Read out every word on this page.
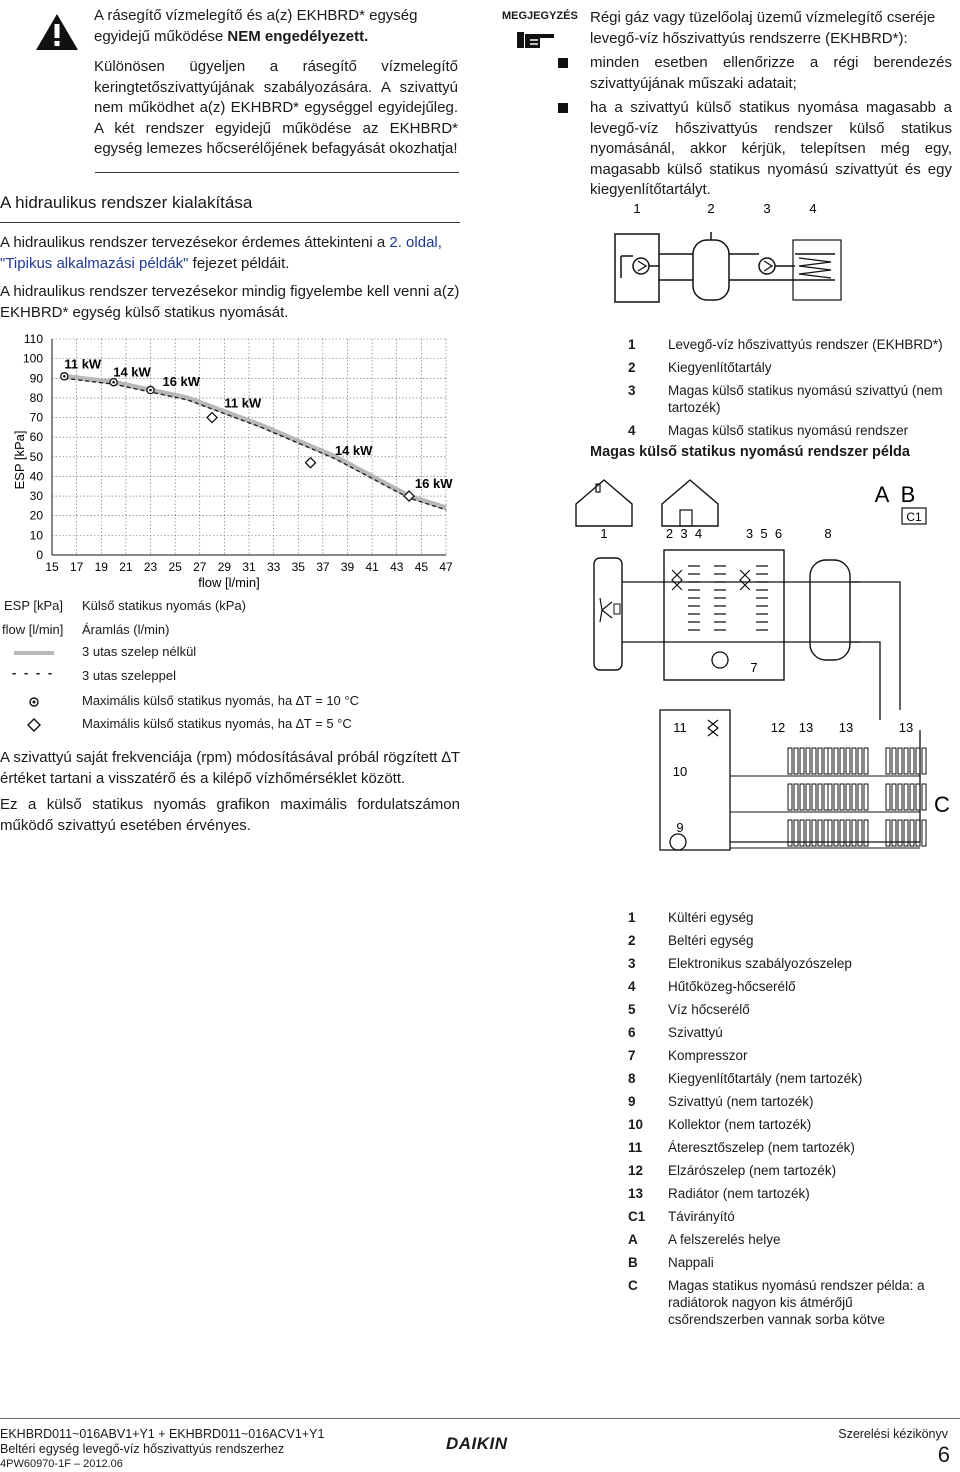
A rásegítő vízmelegítő és a(z) EKHBRD* egység
egyidejű működése NEM engedélyezett.
Különösen ügyeljen a rásegítő vízmelegítő keringtetőszivattyújának szabályozására. A szivattyú nem működhet a(z) EKHBRD* egységgel egyidejűleg. A két rendszer egyidejű működése az EKHBRD* egység lemezes hőcserélőjének befagyását okozhatja!
A hidraulikus rendszer kialakítása
A hidraulikus rendszer tervezésekor érdemes áttekinteni a 2. oldal, "Tipikus alkalmazási példák" fejezet példáit.
A hidraulikus rendszer tervezésekor mindig figyelembe kell venni a(z) EKHBRD* egység külső statikus nyomását.
11 kW
14 kW
16 kW
11 kW
14 kW
16 kW
0
10
20
30
40
50
60
70
80
90
100
110
15 17 19 21 23 25 27 29 31 33 35 37 39 41 43 45 47
ESP [kPa]
flow [l/min]
ESP [kPa] Külső statikus nyomás (kPa)
flow [l/min] Áramlás (l/min)
3 utas szelep nélkül
- - - - 3 utas szeleppel
Maximális külső statikus nyomás, ha ∆T = 10 °C
Maximális külső statikus nyomás, ha ∆T = 5 °C
A szivattyú saját frekvenciája (rpm) módosításával próbál rögzített ∆T értéket tartani a visszatérő és a kilépő vízhőmérséklet között.
Ez a külső statikus nyomás grafikon maximális fordulatszámon működő szivattyú esetében érvényes.
MEGJEGYZÉS Régi gáz vagy tüzelőolaj üzemű vízmelegítő cseréje levegő-víz hőszivattyús rendszerre (EKHBRD*):
minden esetben ellenőrizze a régi berendezés szivattyújának műszaki adatait;
ha a szivattyú külső statikus nyomása magasabb a levegő-víz hőszivattyús rendszer külső statikus nyomásánál, akkor kérjük, telepítsen még egy, magasabb külső statikus nyomású szivattyút és egy kiegyenlítőtartályt.
1	2	3	4
1	Levegő-víz hőszivattyús rendszer (EKHBRD*)
2	Kiegyenlítőtartály
3	Magas külső statikus nyomású szivattyú (nem tartozék)
4	Magas külső statikus nyomású rendszer
Magas külső statikus nyomású rendszer példa
A B
C1
1	2  3  4	3  5  6	8
7
11
10
9
12 13 13	13
C
1	Kültéri egység
2	Beltéri egység
3	Elektronikus szabályozószelep
4	Hűtőközeg-hőcserélő
5	Víz hőcserélő
6	Szivattyú
7	Kompresszor
8	Kiegyenlítőtartály (nem tartozék)
9	Szivattyú (nem tartozék)
10	Kollektor (nem tartozék)
11	Áteresztőszelep (nem tartozék)
12	Elzárószelep (nem tartozék)
13	Radiátor (nem tartozék)
C1	Távirányító
A	A felszerelés helye
B	Nappali
C	Magas statikus nyomású rendszer példa: a radiátorok nagyon kis átmérőjű csőrendszerben vannak sorba kötve
EKHBRD011~016ABV1+Y1 + EKHBRD011~016ACV1+Y1
Beltéri egység levegő-víz hőszivattyús rendszerhez
4PW60970-1F – 2012.06
DAIKIN	Szerelési kézikönyv
6
